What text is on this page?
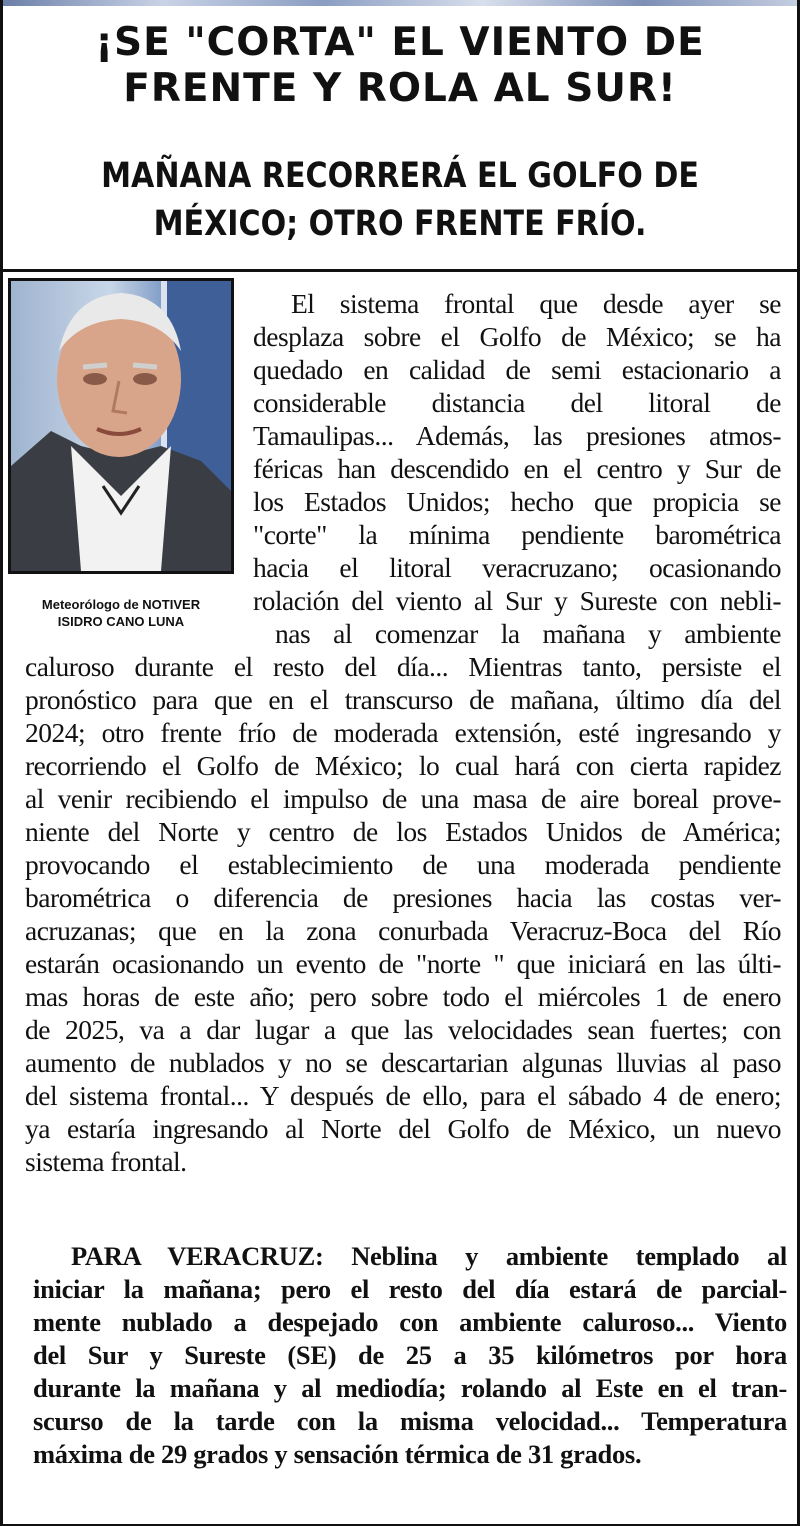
¡SE "CORTA" EL VIENTO DE
FRENTE Y ROLA AL SUR!
MAÑANA RECORRERÁ EL GOLFO DE
MÉXICO; OTRO FRENTE FRÍO.
Meteorólogo de NOTIVER
ISIDRO CANO LUNA
El sistema frontal que desde ayer se
desplaza sobre el Golfo de México; se ha
quedado en calidad de semi estacionario a
considerable distancia del litoral de
Tamaulipas... Además, las presiones atmos-
féricas han descendido en el centro y Sur de
los Estados Unidos; hecho que propicia se
"corte" la mínima pendiente barométrica
hacia el litoral veracruzano; ocasionando
rolación del viento al Sur y Sureste con nebli-
nas al comenzar la mañana y ambiente
caluroso durante el resto del día... Mientras tanto, persiste el
pronóstico para que en el transcurso de mañana, último día del
2024; otro frente frío de moderada extensión, esté ingresando y
recorriendo el Golfo de México; lo cual hará con cierta rapidez
al venir recibiendo el impulso de una masa de aire boreal prove-
niente del Norte y centro de los Estados Unidos de América;
provocando el establecimiento de una moderada pendiente
barométrica o diferencia de presiones hacia las costas ver-
acruzanas; que en la zona conurbada Veracruz-Boca del Río
estarán ocasionando un evento de "norte " que iniciará en las últi-
mas horas de este año; pero sobre todo el miércoles 1 de enero
de 2025, va a dar lugar a que las velocidades sean fuertes; con
aumento de nublados y no se descartarian algunas lluvias al paso
del sistema frontal... Y después de ello, para el sábado 4 de enero;
ya estaría ingresando al Norte del Golfo de México, un nuevo
sistema frontal.
PARA VERACRUZ: Neblina y ambiente templado al
iniciar la mañana; pero el resto del día estará de parcial-
mente nublado a despejado con ambiente caluroso... Viento
del Sur y Sureste (SE) de 25 a 35 kilómetros por hora
durante la mañana y al mediodía; rolando al Este en el tran-
scurso de la tarde con la misma velocidad... Temperatura
máxima de 29 grados y sensación térmica de 31 grados.
